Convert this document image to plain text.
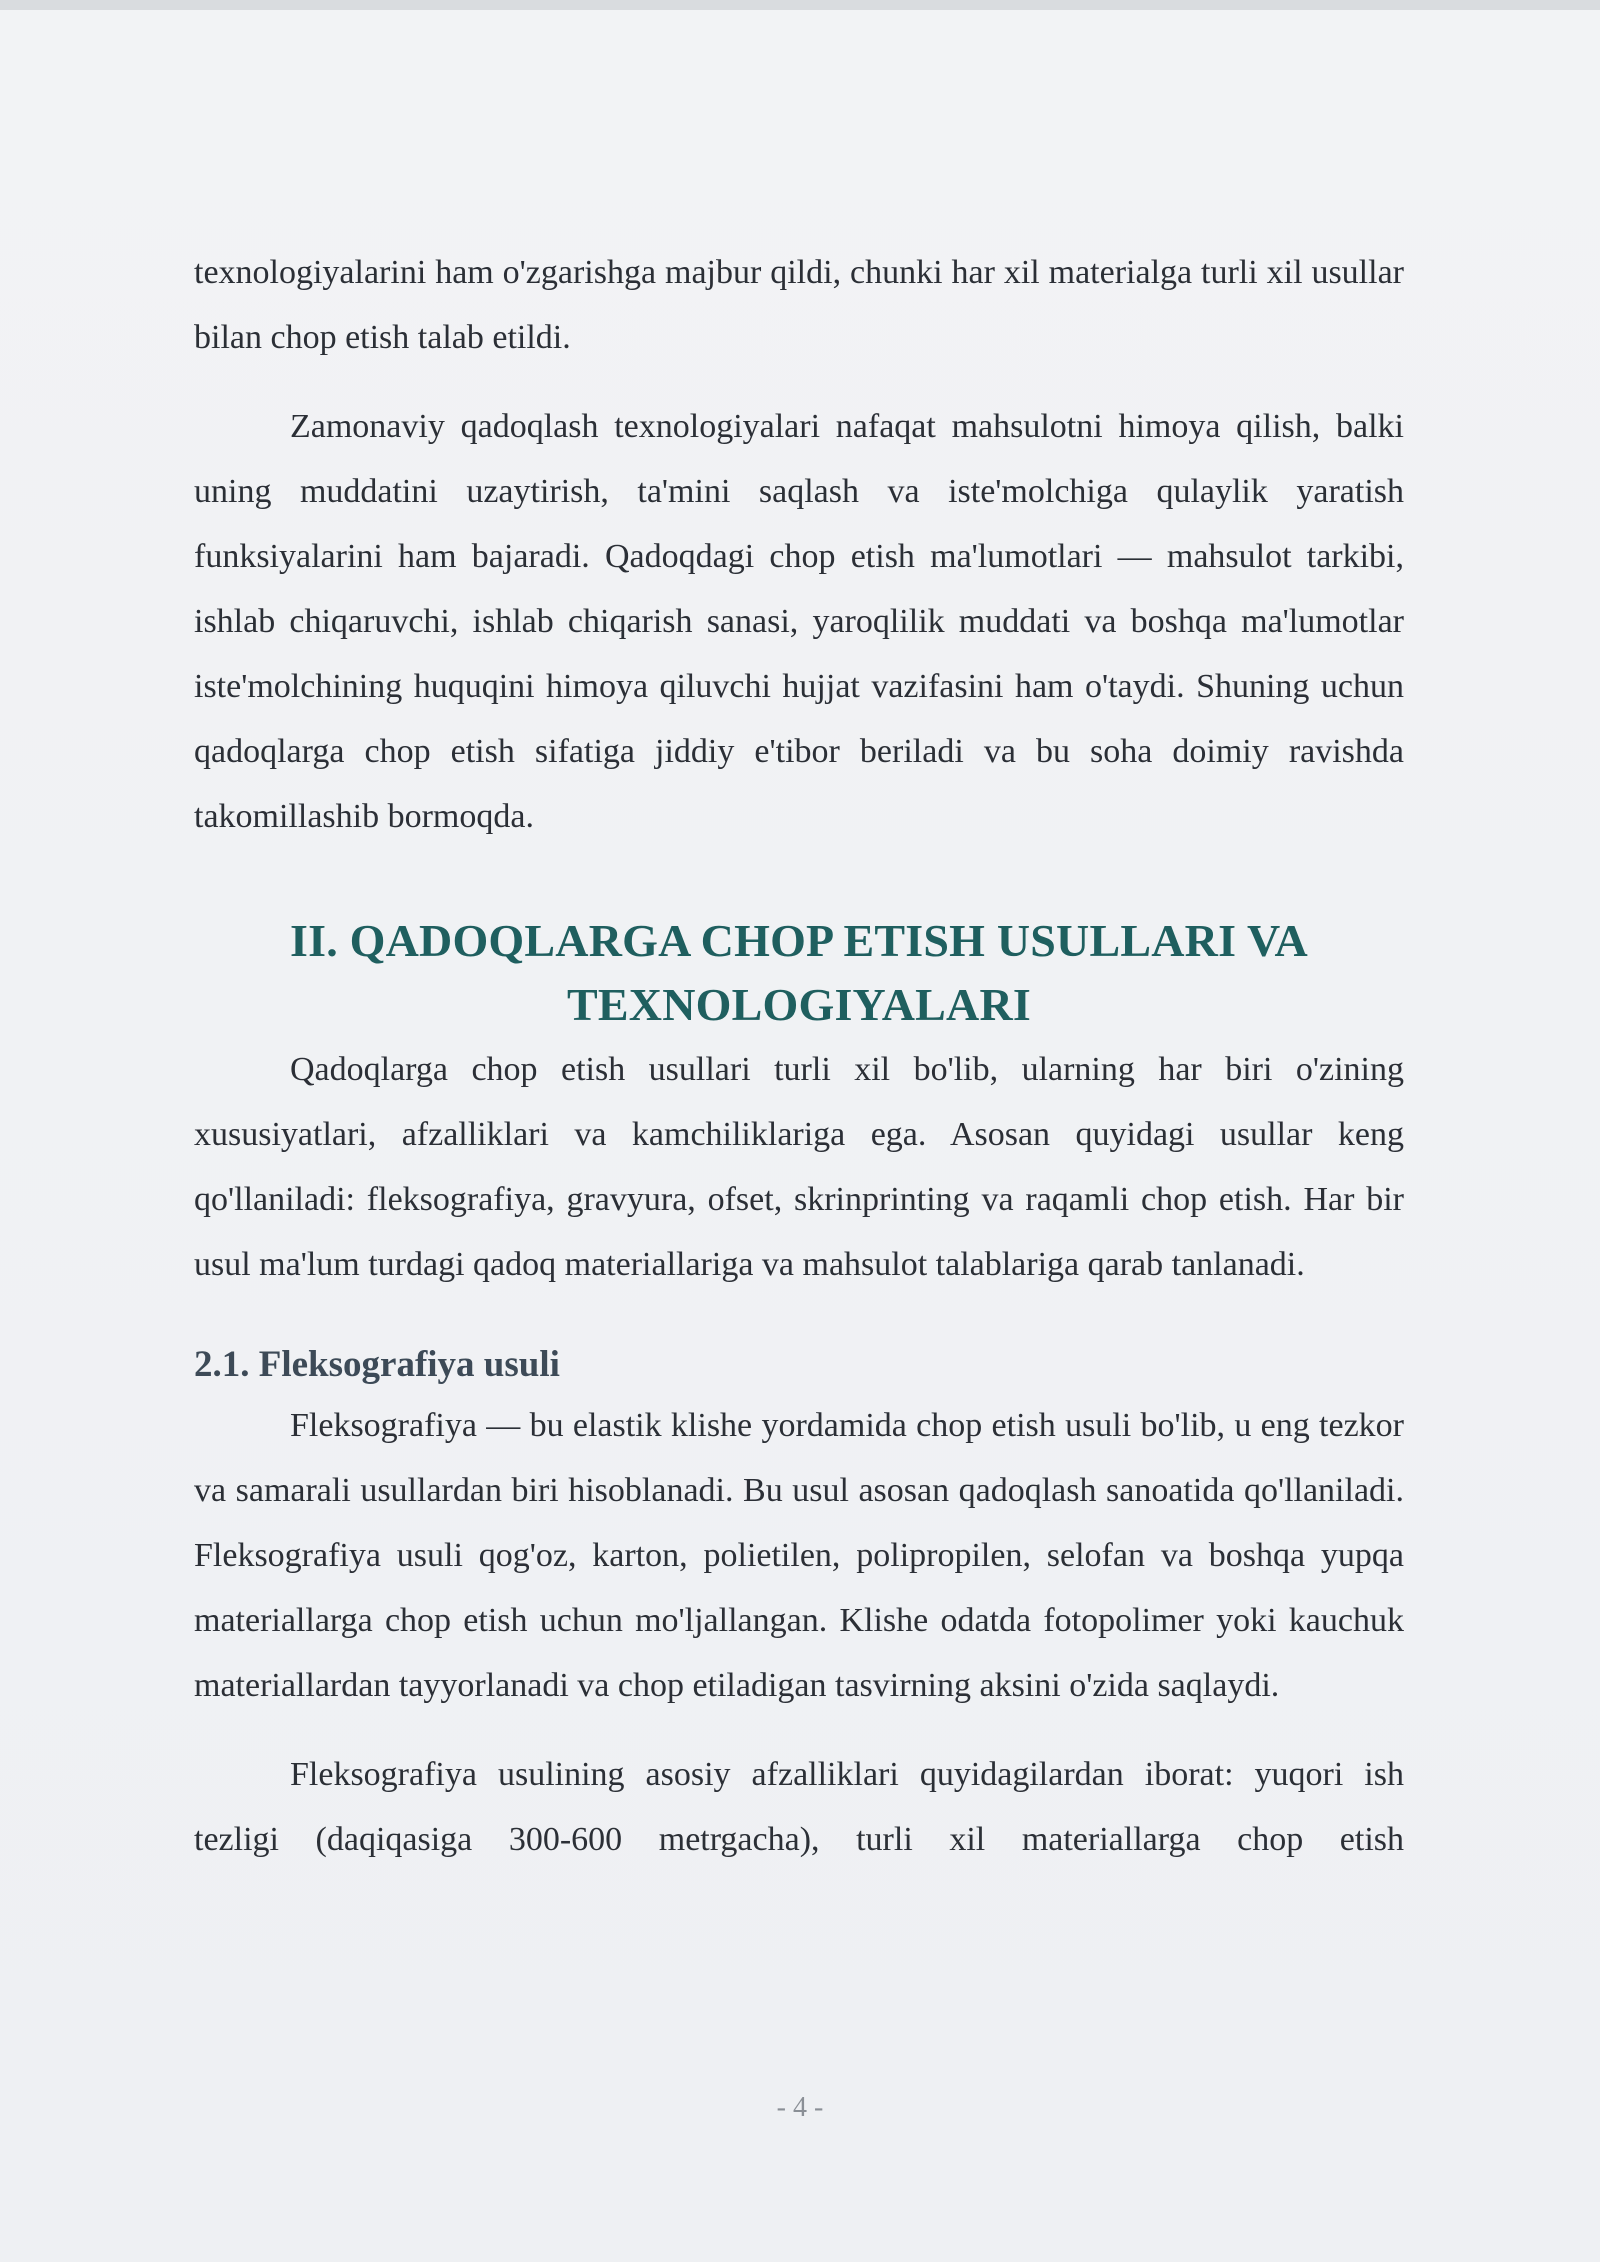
texnologiyalarini ham o'zgarishga majbur qildi, chunki har xil materialga turli xil usullar bilan chop etish talab etildi.

Zamonaviy qadoqlash texnologiyalari nafaqat mahsulotni himoya qilish, balki uning muddatini uzaytirish, ta'mini saqlash va iste'molchiga qulaylik yaratish funksiyalarini ham bajaradi. Qadoqdagi chop etish ma'lumotlari — mahsulot tarkibi, ishlab chiqaruvchi, ishlab chiqarish sanasi, yaroqlilik muddati va boshqa ma'lumotlar iste'molchining huquqini himoya qiluvchi hujjat vazifasini ham o'taydi. Shuning uchun qadoqlarga chop etish sifatiga jiddiy e'tibor beriladi va bu soha doimiy ravishda takomillashib bormoqda.

II. QADOQLARGA CHOP ETISH USULLARI VA
TEXNOLOGIYALARI

Qadoqlarga chop etish usullari turli xil bo'lib, ularning har biri o'zining xususiyatlari, afzalliklari va kamchiliklariga ega. Asosan quyidagi usullar keng qo'llaniladi: fleksografiya, gravyura, ofset, skrinprinting va raqamli chop etish. Har bir usul ma'lum turdagi qadoq materiallariga va mahsulot talablariga qarab tanlanadi.

2.1. Fleksografiya usuli

Fleksografiya — bu elastik klishe yordamida chop etish usuli bo'lib, u eng tezkor va samarali usullardan biri hisoblanadi. Bu usul asosan qadoqlash sanoatida qo'llaniladi. Fleksografiya usuli qog'oz, karton, polietilen, polipropilen, selofan va boshqa yupqa materiallarga chop etish uchun mo'ljallangan. Klishe odatda fotopolimer yoki kauchuk materiallardan tayyorlanadi va chop etiladigan tasvirning aksini o'zida saqlaydi.

Fleksografiya usulining asosiy afzalliklari quyidagilardan iborat: yuqori ish tezligi (daqiqasiga 300-600 metrgacha), turli xil materiallarga chop etish

- 4 -
